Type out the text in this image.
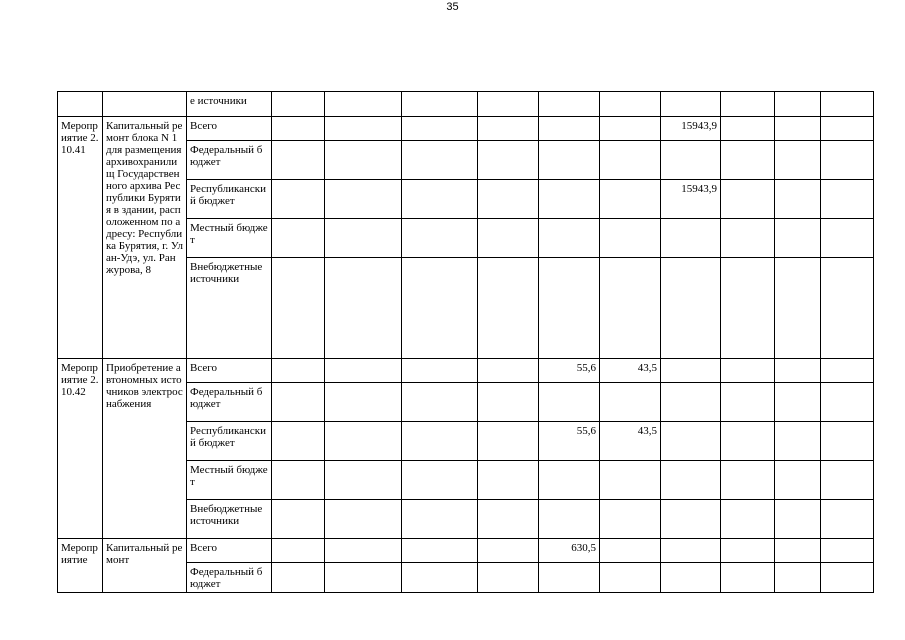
35
		е источники										
Мероприятие 2.10.41	Капитальный ремонт блока N 1 для размещения архивохранилищ Государственного архива Республики Бурятия в здании, расположенном по адресу: Республика Бурятия, г. Улан-Удэ, ул. Ранжурова, 8	Всего							15943,9			
		Федеральный бюджет										
		Республиканский бюджет							15943,9			
		Местный бюджет										
		Внебюджетные источники										
Мероприятие 2.10.42	Приобретение автономных источников электроснабжения	Всего					55,6	43,5				
		Федеральный бюджет										
		Республиканский бюджет					55,6	43,5				
		Местный бюджет										
		Внебюджетные источники										
Мероприятие	Капитальный ремонт	Всего					630,5					
		Федеральный бюджет										
